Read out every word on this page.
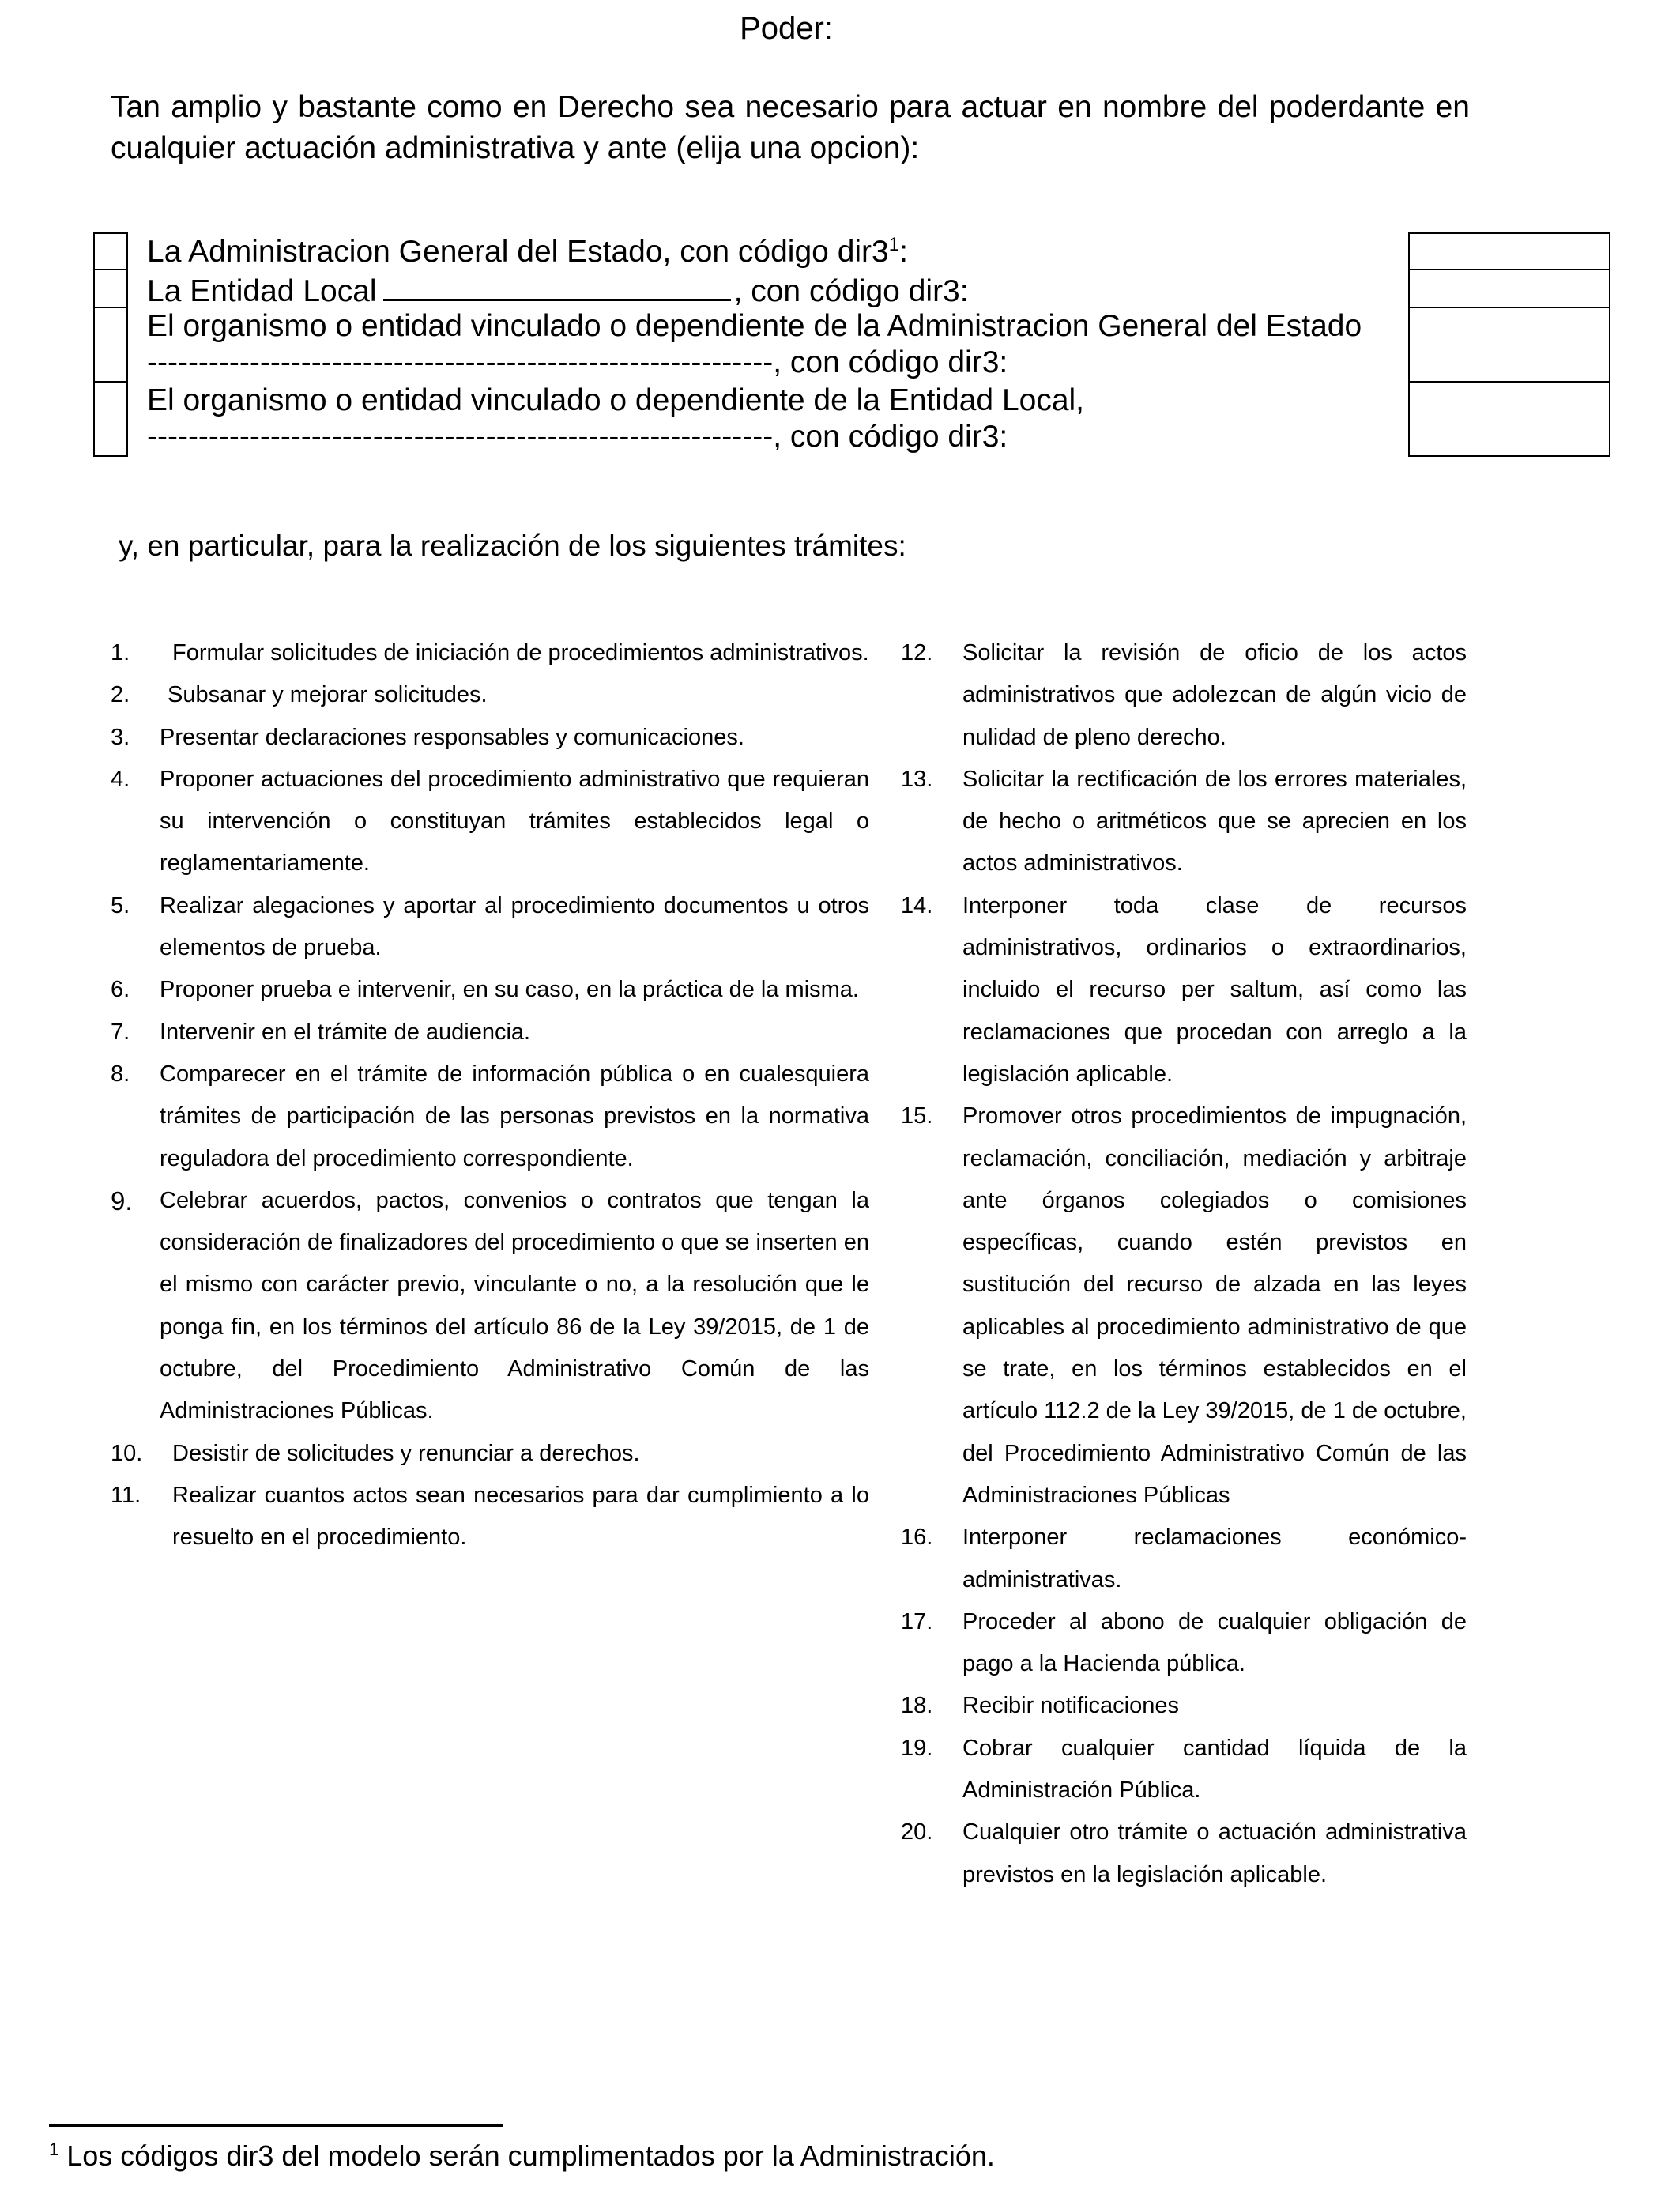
Poder:
Tan amplio y bastante como en Derecho sea necesario para actuar en nombre del poderdante en cualquier actuación administrativa y ante (elija una opcion):
La Administracion General del Estado, con código $dir3^1$:
La Entidad Local	, con código dir3:
El organismo o entidad vinculado o dependiente de la Administracion General del Estado
-------------------------------------------------------------, con código dir3:
El organismo o entidad vinculado o dependiente de la Entidad Local,
-------------------------------------------------------------, con código dir3:
y, en particular, para la realización de los siguientes trámites:
1. Formular solicitudes de iniciación de procedimientos administrativos.
2. Subsanar y mejorar solicitudes.
3. Presentar declaraciones responsables y comunicaciones.
4. Proponer actuaciones del procedimiento administrativo que requieran su intervención o constituyan trámites establecidos legal o reglamentariamente.
5. Realizar alegaciones y aportar al procedimiento documentos u otros elementos de prueba.
6. Proponer prueba e intervenir, en su caso, en la práctica de la misma.
7. Intervenir en el trámite de audiencia.
8. Comparecer en el trámite de información pública o en cualesquiera trámites de participación de las personas previstos en la normativa reguladora del procedimiento correspondiente.
9. Celebrar acuerdos, pactos, convenios o contratos que tengan la consideración de finalizadores del procedimiento o que se inserten en el mismo con carácter previo, vinculante o no, a la resolución que le ponga fin, en los términos del artículo 86 de la Ley 39/2015, de 1 de octubre, del Procedimiento Administrativo Común de las Administraciones Públicas.
10. Desistir de solicitudes y renunciar a derechos.
11. Realizar cuantos actos sean necesarios para dar cumplimiento a lo resuelto en el procedimiento.
12. Solicitar la revisión de oficio de los actos administrativos que adolezcan de algún vicio de nulidad de pleno derecho.
13. Solicitar la rectificación de los errores materiales, de hecho o aritméticos que se aprecien en los actos administrativos.
14. Interponer toda clase de recursos administrativos, ordinarios o extraordinarios, incluido el recurso per saltum, así como las reclamaciones que procedan con arreglo a la legislación aplicable.
15. Promover otros procedimientos de impugnación, reclamación, conciliación, mediación y arbitraje ante órganos colegiados o comisiones específicas, cuando estén previstos en sustitución del recurso de alzada en las leyes aplicables al procedimiento administrativo de que se trate, en los términos establecidos en el artículo 112.2 de la Ley 39/2015, de 1 de octubre, del Procedimiento Administrativo Común de las Administraciones Públicas
16. Interponer reclamaciones económico-administrativas.
17. Proceder al abono de cualquier obligación de pago a la Hacienda pública.
18. Recibir notificaciones
19. Cobrar cualquier cantidad líquida de la Administración Pública.
20. Cualquier otro trámite o actuación administrativa previstos en la legislación aplicable.
$^1$ Los códigos dir3 del modelo serán cumplimentados por la Administración.
